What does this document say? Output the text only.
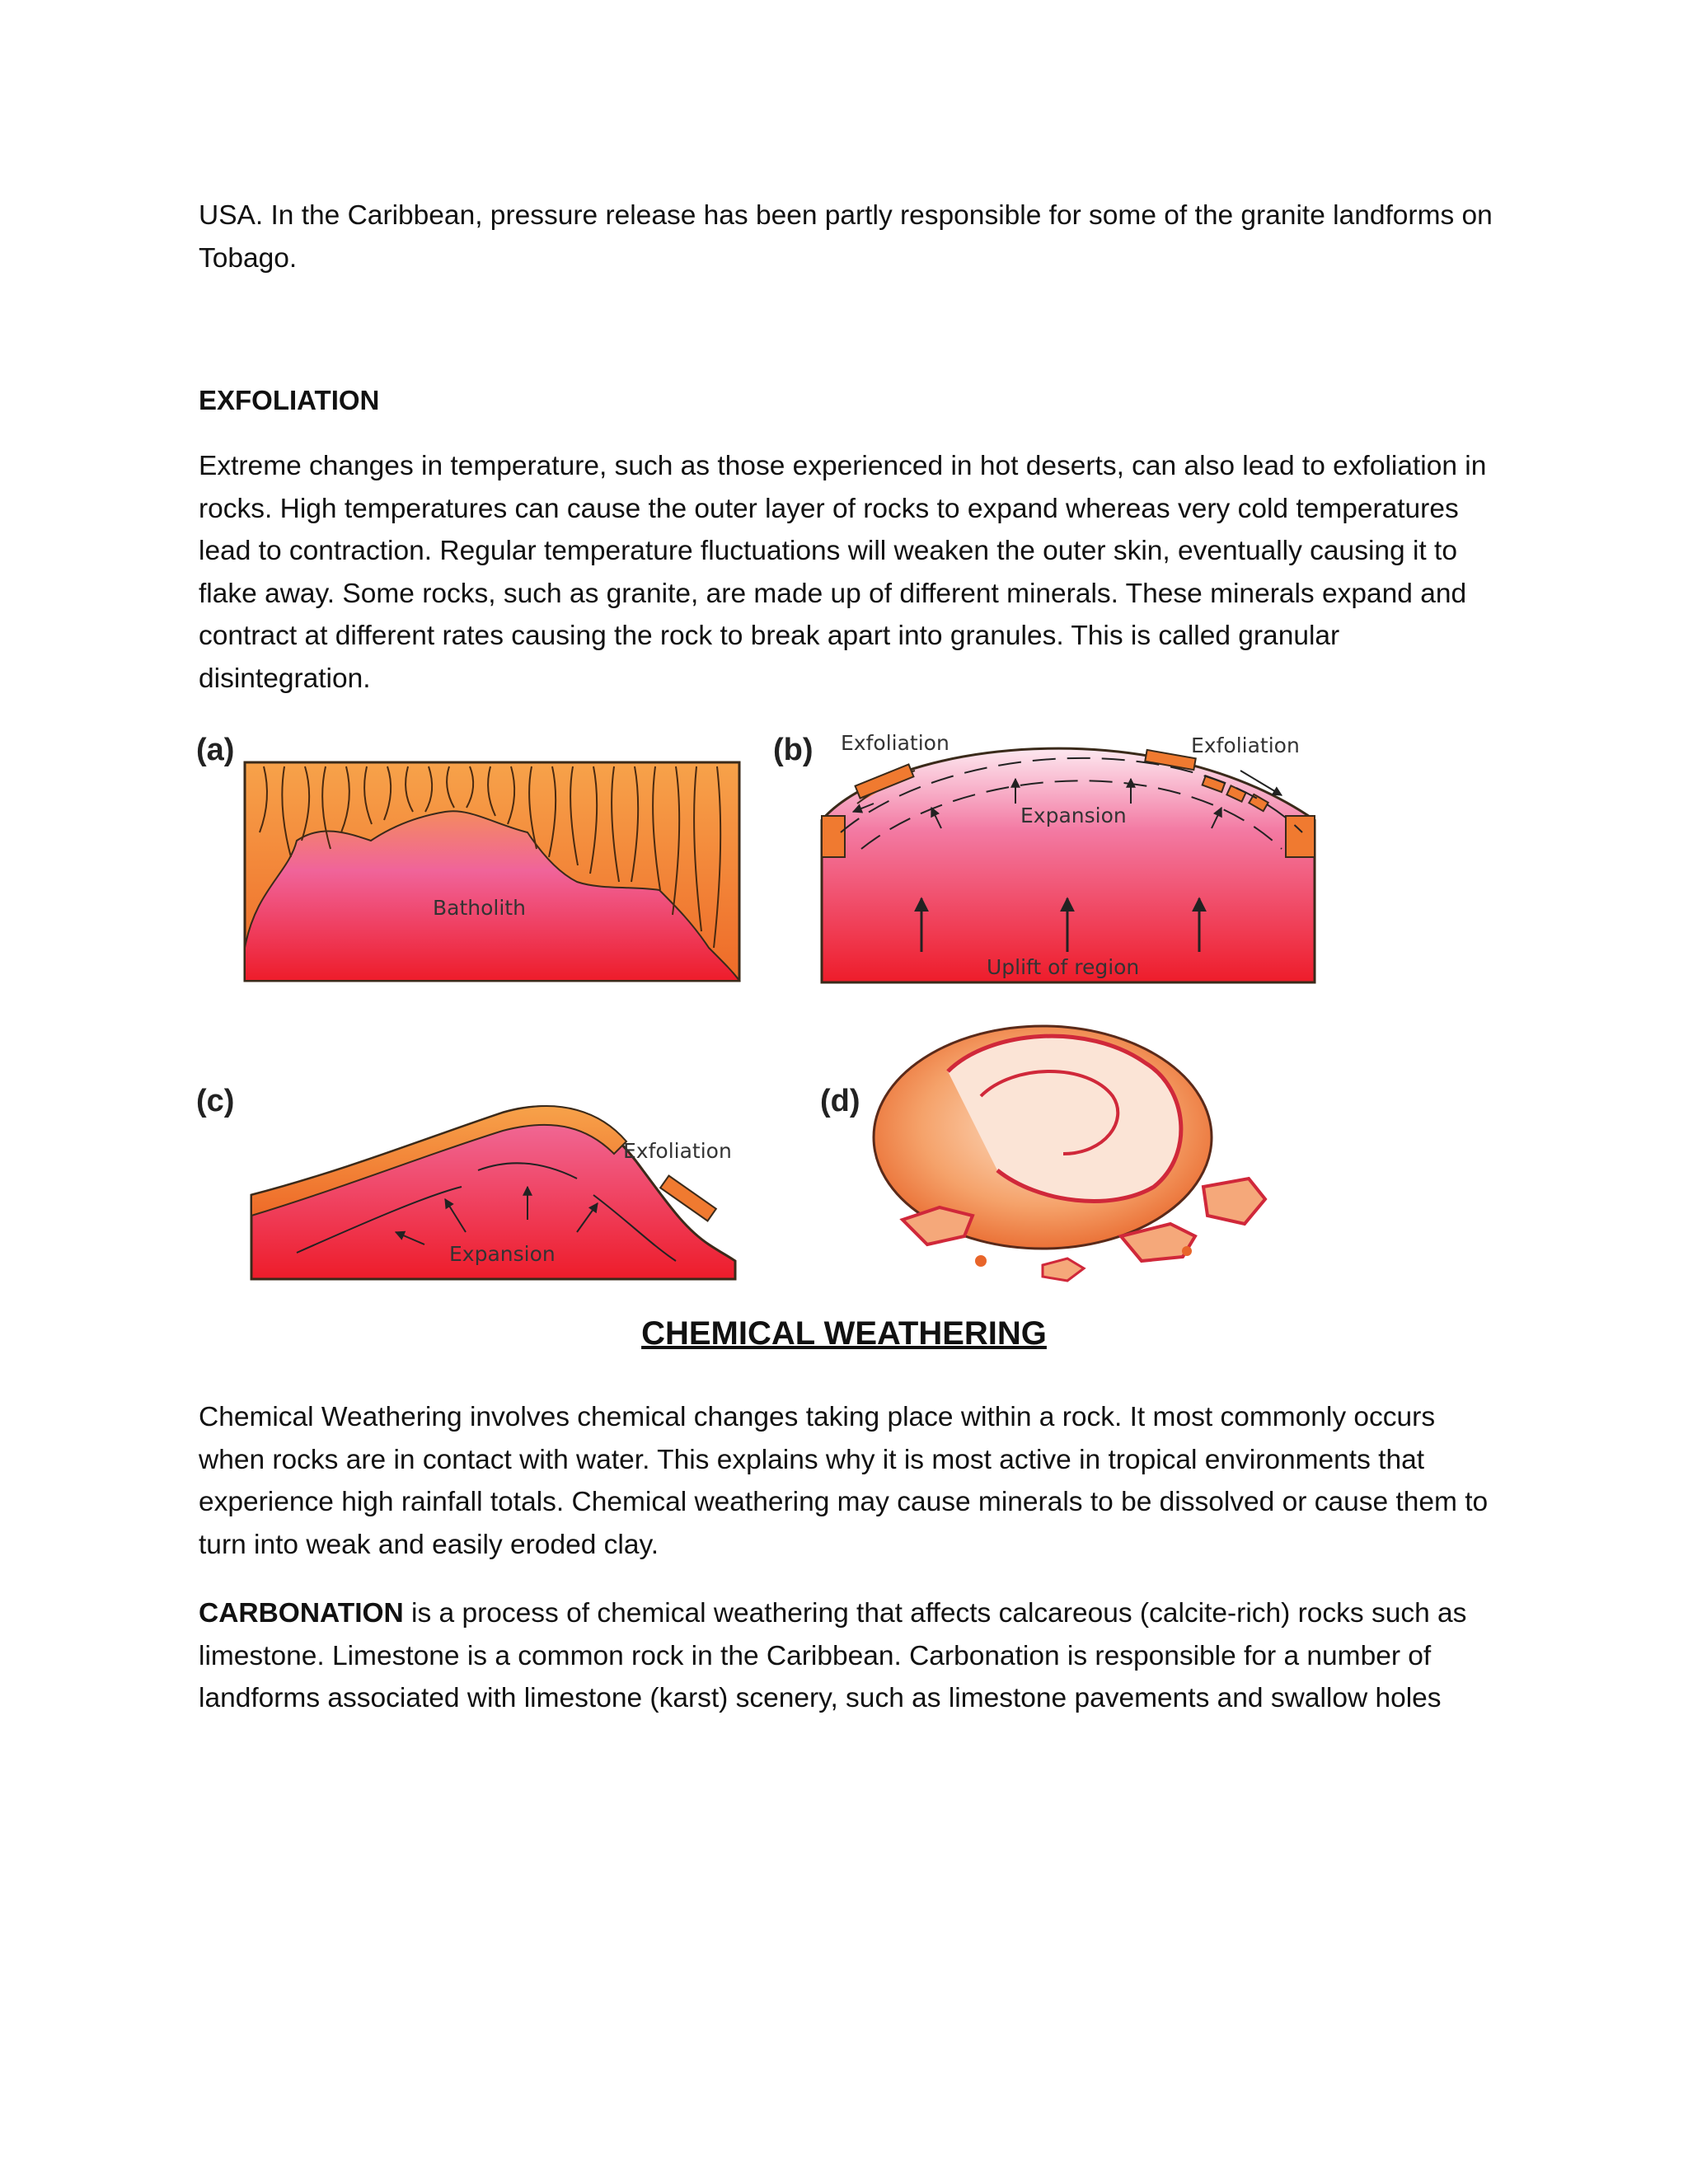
USA. In the Caribbean, pressure release has been partly responsible for some of the granite landforms on Tobago.

EXFOLIATION

Extreme changes in temperature, such as those experienced in hot deserts, can also lead to exfoliation in rocks. High temperatures can cause the outer layer of rocks to expand whereas very cold temperatures lead to contraction. Regular temperature fluctuations will weaken the outer skin, eventually causing it to flake away. Some rocks, such as granite, are made up of different minerals. These minerals expand and contract at different rates causing the rock to break apart into granules. This is called granular disintegration.

(a)
Batholith
(b) Exfoliation	Exfoliation
Expansion
Uplift of region
(c)
Exfoliation
Expansion
(d)
CHEMICAL WEATHERING

Chemical Weathering involves chemical changes taking place within a rock. It most commonly occurs when rocks are in contact with water. This explains why it is most active in tropical environments that experience high rainfall totals. Chemical weathering may cause minerals to be dissolved or cause them to turn into weak and easily eroded clay.

CARBONATION is a process of chemical weathering that affects calcareous (calcite-rich) rocks such as limestone. Limestone is a common rock in the Caribbean. Carbonation is responsible for a number of landforms associated with limestone (karst) scenery, such as limestone pavements and swallow holes
